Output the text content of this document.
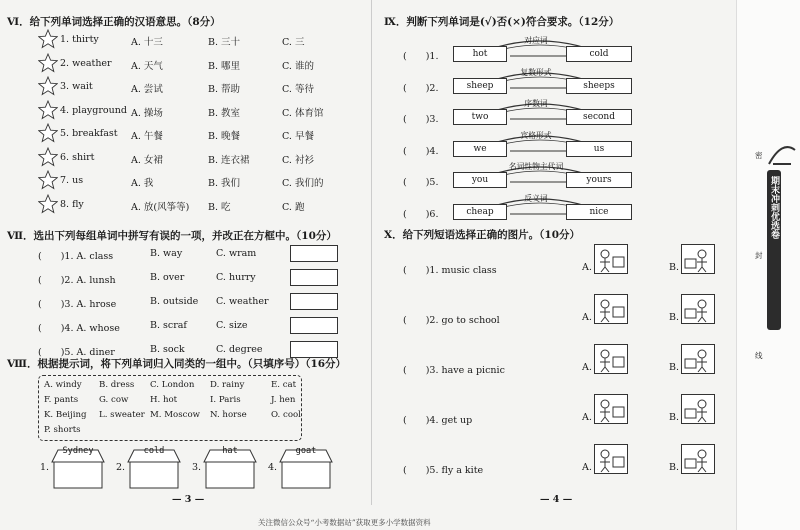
Ⅵ．给下列单词选择正确的汉语意思。（8分）
1. thirty	A. 十三	B. 三十	C. 三
2. weather A. 天气	B. 哪里	C. 谁的
3. wait	A. 尝试	B. 帮助	C. 等待
4. playground A. 操场	B. 教室	C. 体育馆
5. breakfast A. 午餐	B. 晚餐	C. 早餐
6. shirt	A. 女裙	B. 连衣裙	C. 衬衫
7. us	A. 我	B. 我们	C. 我们的
8. fly	A. 放(风筝等) B. 吃	C. 跑
Ⅶ．选出下列每组单词中拼写有误的一项，并改正在方框中。（10分）
(　　)1. A. class	B. way	C. wram
(　　)2. A. lunsh	B. over	C. hurry
(　　)3. A. hrose	B. outside C. weather
(　　)4. A. whose	B. scraf	C. size
(　　)5. A. diner	B. sock	C. degree
Ⅷ．根据提示词，将下列单词归入同类的一组中。（只填序号）（16分）
A. windy B. dress C. London D. rainy	E. cat
F. pants G. cow	H. hot	I. Paris	J. hen
K. Beijing L. sweater M. Moscow N. horse	O. cool
P. shorts
1.
Sydney
2.
cold
3.
hat
4.
goat
— 3 —
Ⅸ．判断下列单词是(√)否(×)符合要求。（12分）
(　　)1.	hot	cold
对应词
(　　)2.	sheep	sheeps
复数形式
(　　)3.	two	second
序数词
(　　)4.	we	us
宾格形式
(　　)5.	you	yours
名词性物主代词
(　　)6.	cheap	nice
反义词
Ⅹ．给下列短语选择正确的图片。（10分）
(　　)1. music class	A.	B.
(　　)2. go to school	A.	B.
(　　)3. have a picnic	A.	B.
(　　)4. get up	A.	B.
(　　)5. fly a kite	A.	B.
— 4 —
关注微信公众号“小考数据站”获取更多小学数据资料
密
封
线
期末冲刺优选卷
